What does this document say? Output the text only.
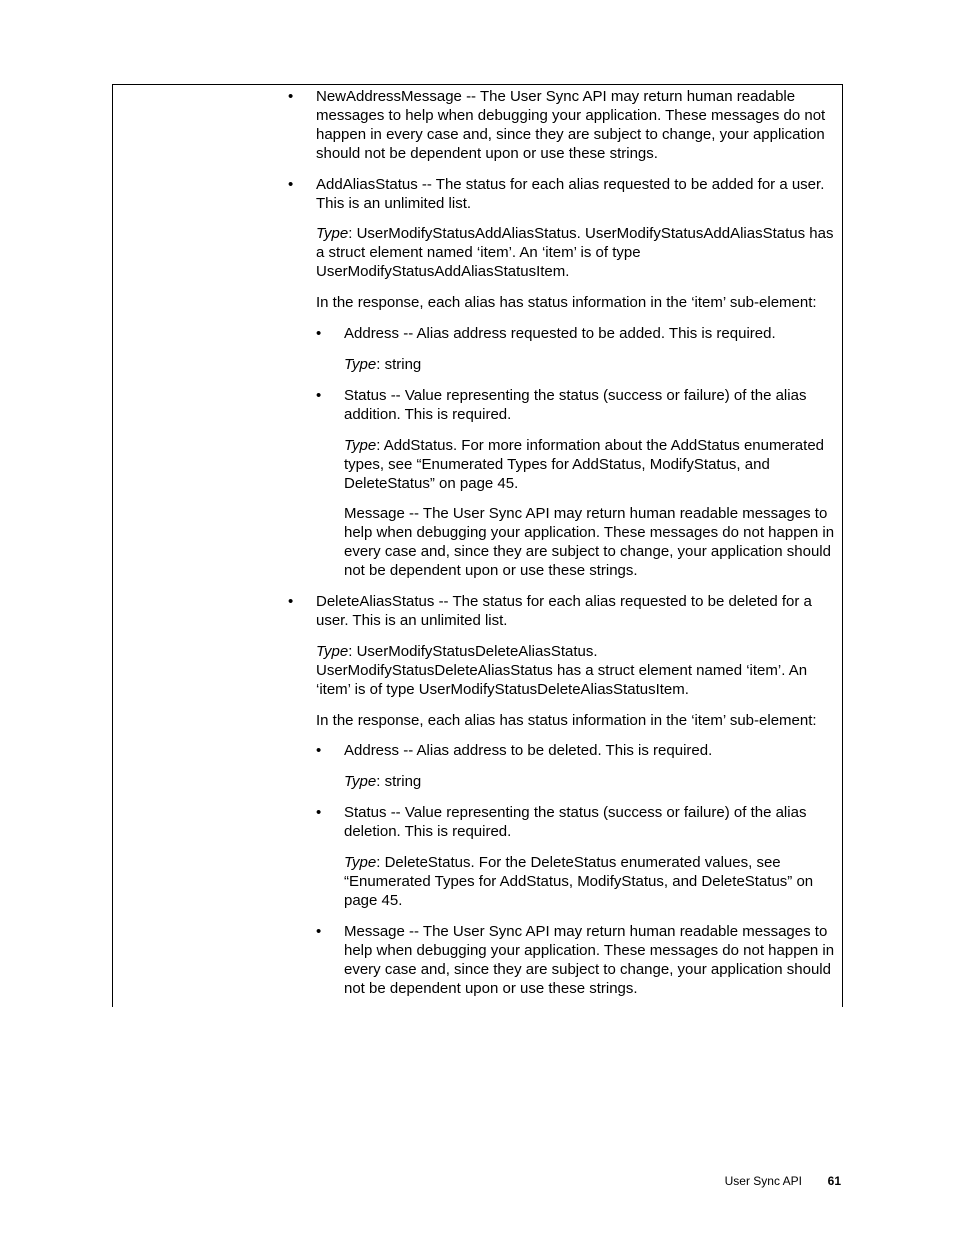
• NewAddressMessage -- The User Sync API may return human readable messages to help when debugging your application. These messages do not happen in every case and, since they are subject to change, your application should not be dependent upon or use these strings.

• AddAliasStatus -- The status for each alias requested to be added for a user. This is an unlimited list.

Type: UserModifyStatusAddAliasStatus. UserModifyStatusAddAliasStatus has a struct element named ‘item’. An ‘item’ is of type UserModifyStatusAddAliasStatusItem.

In the response, each alias has status information in the ‘item’ sub-element:

• Address -- Alias address requested to be added. This is required.

Type: string

• Status -- Value representing the status (success or failure) of the alias addition. This is required.

Type: AddStatus. For more information about the AddStatus enumerated types, see “Enumerated Types for AddStatus, ModifyStatus, and DeleteStatus” on page 45.

Message -- The User Sync API may return human readable messages to help when debugging your application. These messages do not happen in every case and, since they are subject to change, your application should not be dependent upon or use these strings.

• DeleteAliasStatus -- The status for each alias requested to be deleted for a user. This is an unlimited list.

Type: UserModifyStatusDeleteAliasStatus. UserModifyStatusDeleteAliasStatus has a struct element named ‘item’. An ‘item’ is of type UserModifyStatusDeleteAliasStatusItem.

In the response, each alias has status information in the ‘item’ sub-element:

• Address -- Alias address to be deleted. This is required.

Type: string

• Status -- Value representing the status (success or failure) of the alias deletion. This is required.

Type: DeleteStatus. For the DeleteStatus enumerated values, see “Enumerated Types for AddStatus, ModifyStatus, and DeleteStatus” on page 45.

• Message -- The User Sync API may return human readable messages to help when debugging your application. These messages do not happen in every case and, since they are subject to change, your application should not be dependent upon or use these strings.

User Sync API 61
